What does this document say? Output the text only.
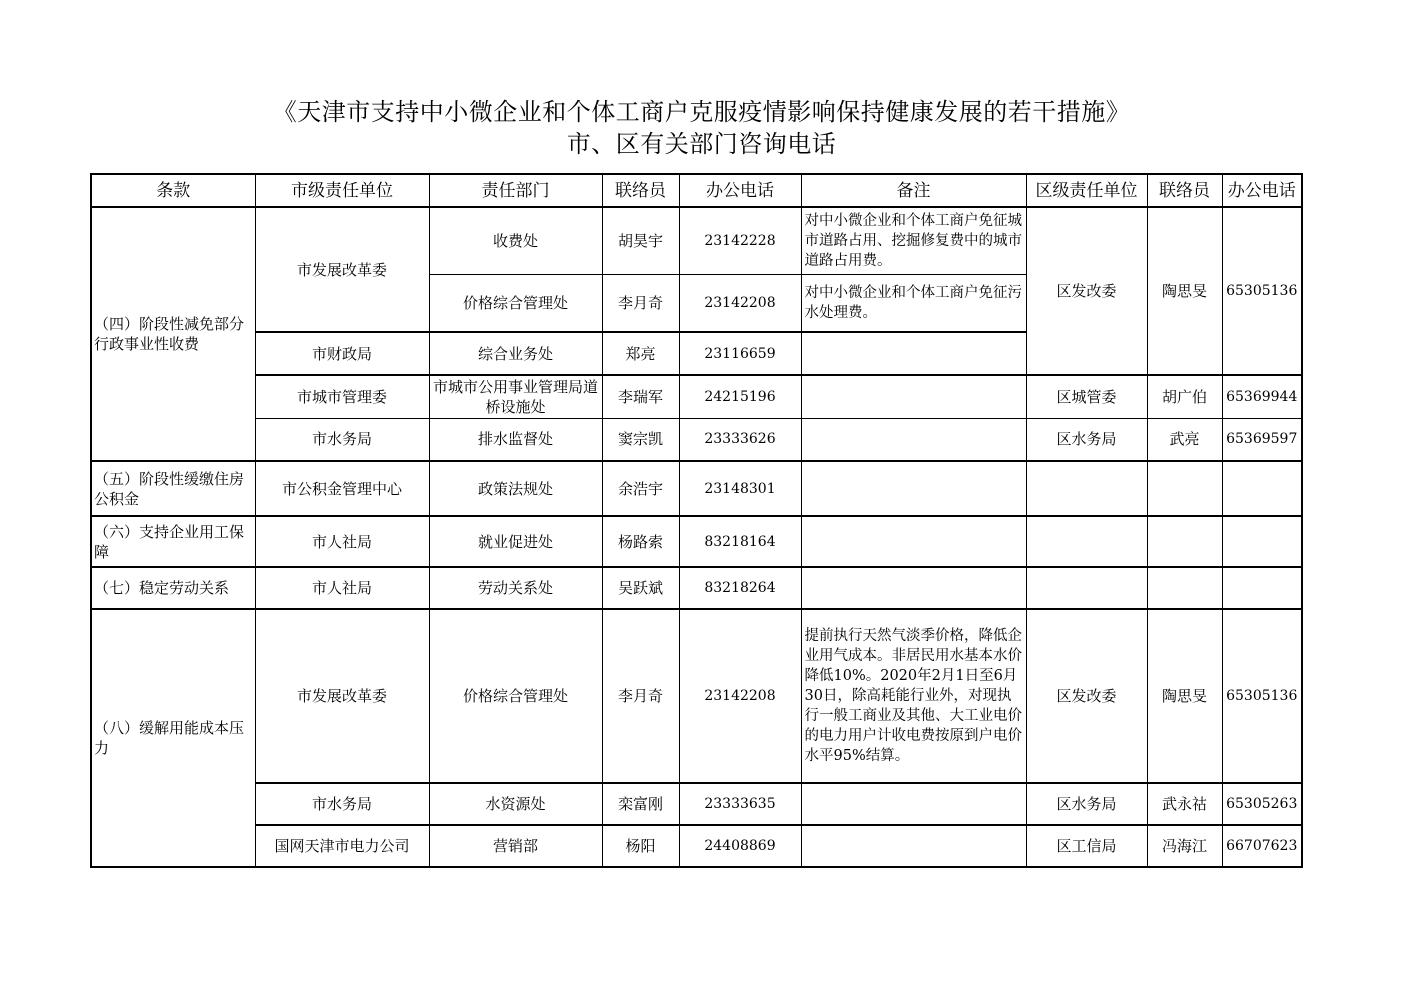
《天津市支持中小微企业和个体工商户克服疫情影响保持健康发展的若干措施》
市、区有关部门咨询电话
条款	市级责任单位	责任部门	联络员	办公电话	备注	区级责任单位	联络员	办公电话
（四）阶段性减免部分行政事业性收费	市发展改革委	收费处	胡昊宇	23142228	对中小微企业和个体工商户免征城市道路占用、挖掘修复费中的城市道路占用费。	区发改委	陶思旻	65305136
		价格综合管理处	李月奇	23142208	对中小微企业和个体工商户免征污水处理费。			
	市财政局	综合业务处	郑亮	23116659				
	市城市管理委	市城市公用事业管理局道桥设施处	李瑞军	24215196		区城管委	胡广伯	65369944
	市水务局	排水监督处	窦宗凯	23333626		区水务局	武亮	65369597
（五）阶段性缓缴住房公积金	市公积金管理中心	政策法规处	余浩宇	23148301				
（六）支持企业用工保障	市人社局	就业促进处	杨路索	83218164				
（七）稳定劳动关系	市人社局	劳动关系处	吴跃斌	83218264				
（八）缓解用能成本压力	市发展改革委	价格综合管理处	李月奇	23142208	提前执行天然气淡季价格，降低企业用气成本。非居民用水基本水价降低10%。2020年2月1日至6月30日，除高耗能行业外，对现执行一般工商业及其他、大工业电价的电力用户计收电费按原到户电价水平95%结算。	区发改委	陶思旻	65305136
	市水务局	水资源处	栾富刚	23333635		区水务局	武永祜	65305263
	国网天津市电力公司	营销部	杨阳	24408869		区工信局	冯海江	66707623
